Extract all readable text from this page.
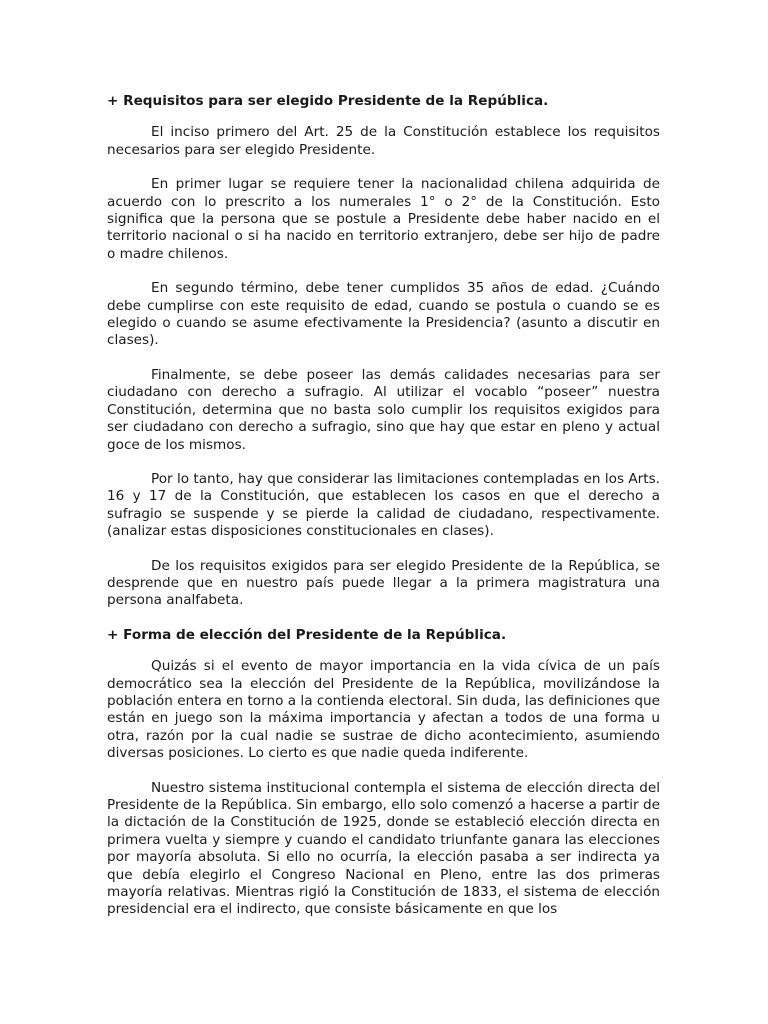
+ Requisitos para ser elegido Presidente de la República.

El inciso primero del Art. 25 de la Constitución establece los requisitos necesarios para ser elegido Presidente.

En primer lugar se requiere tener la nacionalidad chilena adquirida de acuerdo con lo prescrito a los numerales 1° o 2° de la Constitución. Esto significa que la persona que se postule a Presidente debe haber nacido en el territorio nacional o si ha nacido en territorio extranjero, debe ser hijo de padre o madre chilenos.

En segundo término, debe tener cumplidos 35 años de edad. ¿Cuándo debe cumplirse con este requisito de edad, cuando se postula o cuando se es elegido o cuando se asume efectivamente la Presidencia? (asunto a discutir en clases).

Finalmente, se debe poseer las demás calidades necesarias para ser ciudadano con derecho a sufragio. Al utilizar el vocablo “poseer” nuestra Constitución, determina que no basta solo cumplir los requisitos exigidos para ser ciudadano con derecho a sufragio, sino que hay que estar en pleno y actual goce de los mismos.

Por lo tanto, hay que considerar las limitaciones contempladas en los Arts. 16 y 17 de la Constitución, que establecen los casos en que el derecho a sufragio se suspende y se pierde la calidad de ciudadano, respectivamente. (analizar estas disposiciones constitucionales en clases).

De los requisitos exigidos para ser elegido Presidente de la República, se desprende que en nuestro país puede llegar a la primera magistratura una persona analfabeta.

+ Forma de elección del Presidente de la República.

Quizás si el evento de mayor importancia en la vida cívica de un país democrático sea la elección del Presidente de la República, movilizándose la población entera en torno a la contienda electoral. Sin duda, las definiciones que están en juego son la máxima importancia y afectan a todos de una forma u otra, razón por la cual nadie se sustrae de dicho acontecimiento, asumiendo diversas posiciones. Lo cierto es que nadie queda indiferente.

Nuestro sistema institucional contempla el sistema de elección directa del Presidente de la República. Sin embargo, ello solo comenzó a hacerse a partir de la dictación de la Constitución de 1925, donde se estableció elección directa en primera vuelta y siempre y cuando el candidato triunfante ganara las elecciones por mayoría absoluta. Si ello no ocurría, la elección pasaba a ser indirecta ya que debía elegirlo el Congreso Nacional en Pleno, entre las dos primeras mayoría relativas. Mientras rigió la Constitución de 1833, el sistema de elección presidencial era el indirecto, que consiste básicamente en que los
